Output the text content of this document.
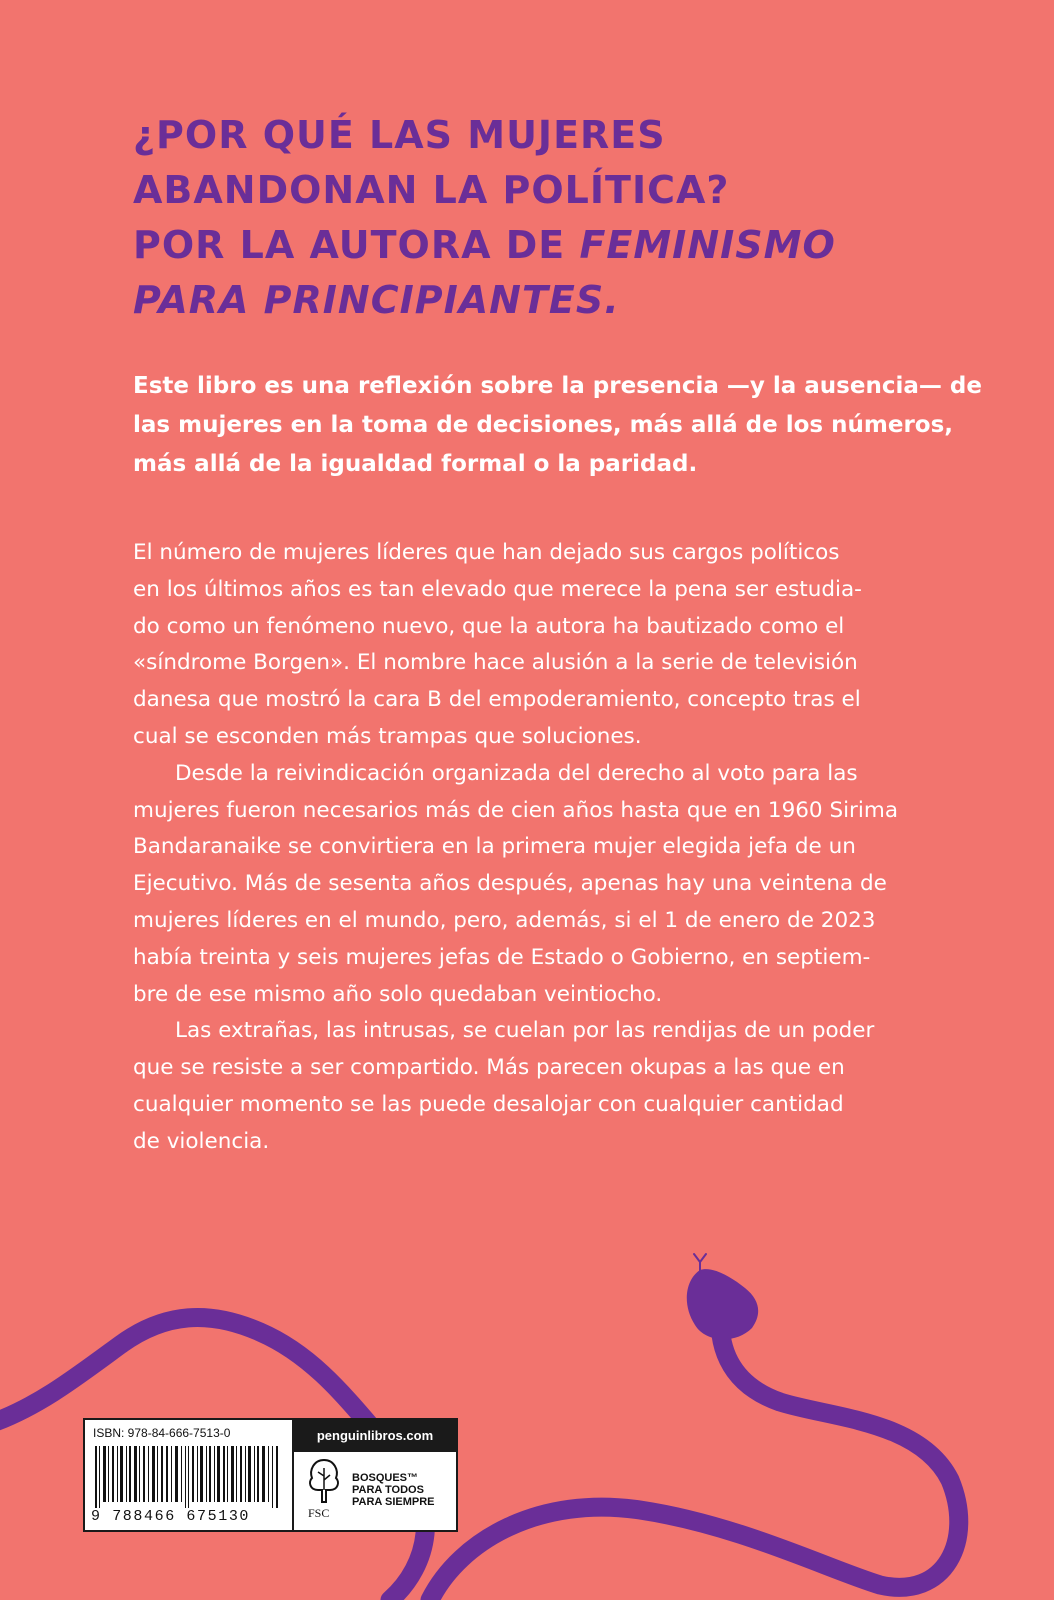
¿POR QUÉ LAS MUJERES
ABANDONAN LA POLÍTICA?
POR LA AUTORA DE FEMINISMO
PARA PRINCIPIANTES.

Este libro es una reflexión sobre la presencia —y la ausencia— de
las mujeres en la toma de decisiones, más allá de los números,
más allá de la igualdad formal o la paridad.

El número de mujeres líderes que han dejado sus cargos políticos
en los últimos años es tan elevado que merece la pena ser estudia-
do como un fenómeno nuevo, que la autora ha bautizado como el
«síndrome Borgen». El nombre hace alusión a la serie de televisión
danesa que mostró la cara B del empoderamiento, concepto tras el
cual se esconden más trampas que soluciones.
Desde la reivindicación organizada del derecho al voto para las
mujeres fueron necesarios más de cien años hasta que en 1960 Sirima
Bandaranaike se convirtiera en la primera mujer elegida jefa de un
Ejecutivo. Más de sesenta años después, apenas hay una veintena de
mujeres líderes en el mundo, pero, además, si el 1 de enero de 2023
había treinta y seis mujeres jefas de Estado o Gobierno, en septiem-
bre de ese mismo año solo quedaban veintiocho.
Las extrañas, las intrusas, se cuelan por las rendijas de un poder
que se resiste a ser compartido. Más parecen okupas a las que en
cualquier momento se las puede desalojar con cualquier cantidad
de violencia.
ISBN: 978-84-666-7513-0
9 788466 675130
penguinlibros.com
FSC
BOSQUES™
PARA TODOS
PARA SIEMPRE
